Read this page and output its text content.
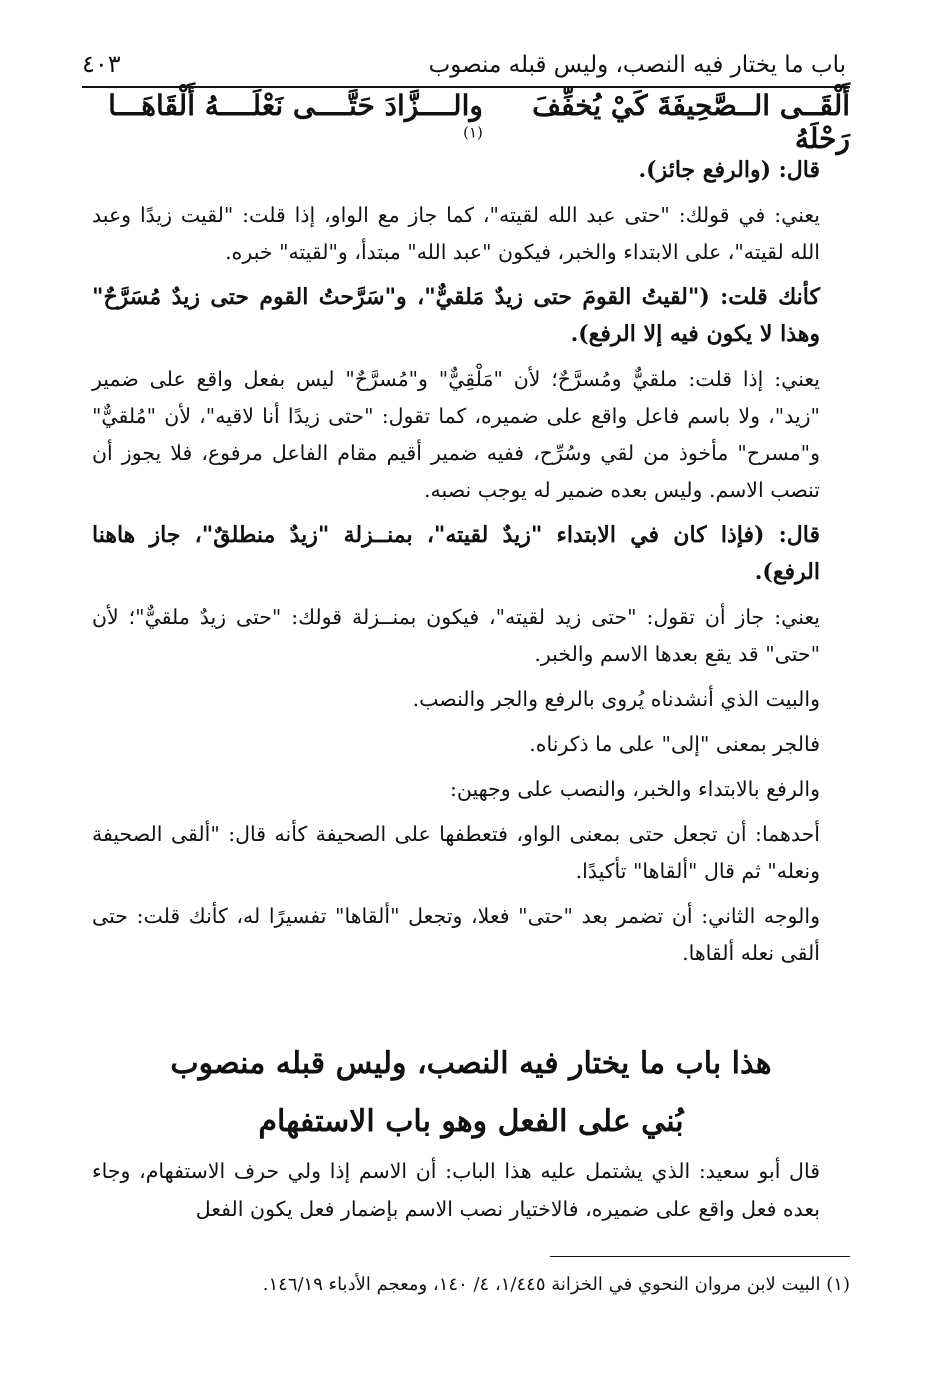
باب ما يختار فيه النصب، وليس قبله منصوب
٤٠٣
أَلْقَــى الــصَّحِيفَةَ كَيْ يُخفِّفَ رَحْلَهُ
والــــزَّادَ حَتَّــــى نَعْلَــــهُ أَلْقَاهَـــا $^{(١)}$

قال: (والرفع جائز).

يعني: في قولك: "حتى عبد الله لقيته"، كما جاز مع الواو، إذا قلت: "لقيت زيدًا وعبد الله لقيته"، على الابتداء والخبر، فيكون "عبد الله" مبتدأ، و"لقيته" خبره.

كأنك قلت: ("لقيتُ القومَ حتى زيدٌ مَلقيٌّ"، و"سَرَّحتُ القوم حتى زيدٌ مُسَرَّحٌ" وهذا لا يكون فيه إلا الرفع).

يعني: إذا قلت: ملقيٌّ ومُسرَّحٌ؛ لأن "مَلْقِيٌّ" و"مُسرَّحٌ" ليس بفعل واقع على ضمير "زيد"، ولا باسم فاعل واقع على ضميره، كما تقول: "حتى زيدًا أنا لاقيه"، لأن "مُلقيٌّ" و"مسرح" مأخوذ من لقي وسُرِّح، ففيه ضمير أقيم مقام الفاعل مرفوع، فلا يجوز أن تنصب الاسم. وليس بعده ضمير له يوجب نصبه.

قال: (فإذا كان في الابتداء "زيدٌ لقيته"، بمنــزلة "زيدٌ منطلقٌ"، جاز هاهنا الرفع).

يعني: جاز أن تقول: "حتى زيد لقيته"، فيكون بمنــزلة قولك: "حتى زيدٌ ملقيٌّ"؛ لأن "حتى" قد يقع بعدها الاسم والخبر.

والبيت الذي أنشدناه يُروى بالرفع والجر والنصب.

فالجر بمعنى "إلى" على ما ذكرناه.

والرفع بالابتداء والخبر، والنصب على وجهين:

أحدهما: أن تجعل حتى بمعنى الواو، فتعطفها على الصحيفة كأنه قال: "ألقى الصحيفة ونعله" ثم قال "ألقاها" تأكيدًا.

والوجه الثاني: أن تضمر بعد "حتى" فعلا، وتجعل "ألقاها" تفسيرًا له، كأنك قلت: حتى ألقى نعله ألقاها.

هذا باب ما يختار فيه النصب، وليس قبله منصوب
بُني على الفعل وهو باب الاستفهام

قال أبو سعيد: الذي يشتمل عليه هذا الباب: أن الاسم إذا ولي حرف الاستفهام، وجاء بعده فعل واقع على ضميره، فالاختيار نصب الاسم بإضمار فعل يكون الفعل

(١) البيت لابن مروان النحوي في الخزانة ١/٤٤٥، ٤/ ١٤٠، ومعجم الأدباء ١٤٦/١٩.
